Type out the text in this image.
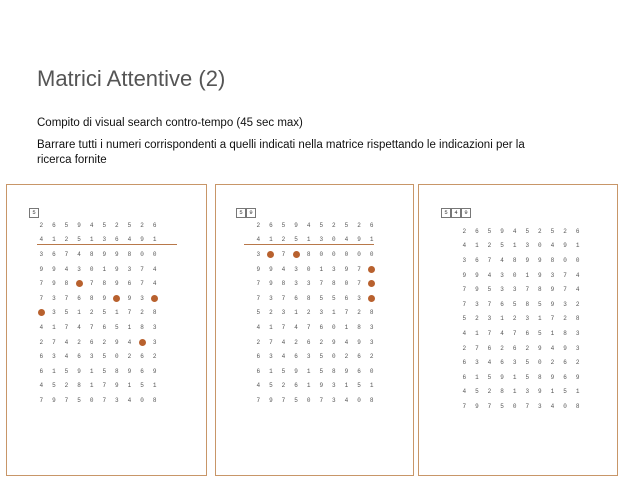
Matrici Attentive (2)
Compito di visual search contro-tempo (45 sec max)
Barrare tutti i numeri corrispondenti a quelli indicati nella matrice rispettando le indicazioni per la ricerca fornite
5
2	6	5	9	4	5	2	5	2	6
4	1	2	5	1	3	6	4	9	1
3	6	7	4	8	9	9	8	0	0
9	9	4	3	0	1	9	3	7	4
7	9	8	7	8	9	6	7	4
7	3	7	6	8	9	9	3
3	5	1	2	5	1	7	2	8
4	1	7	4	7	6	5	1	8	3
2	7	4	2	6	2	9	4	3
6	3	4	6	3	5	0	2	6	2
6	1	5	9	1	5	8	9	6	9
4	5	2	8	1	7	9	1	5	1
7	9	7	5	0	7	3	4	0	8
5	9
2	6	5	9	4	5	2	5	2	6
4	1	2	5	1	3	0	4	9	1
3	7	8	0	0	0	0	0
9	9	4	3	0	1	3	9	7
7	9	8	3	3	7	8	0	7
7	3	7	6	8	5	5	6	3
5	2	3	1	2	3	1	7	2	8
4	1	7	4	7	6	0	1	8	3
2	7	4	2	6	2	9	4	9	3
6	3	4	6	3	5	0	2	6	2
6	1	5	9	1	5	8	9	6	0
4	5	2	6	1	9	3	1	5	1
7	9	7	5	0	7	3	4	0	8
5	4	9
2	6	5	9	4	5	2	5	2	6
4	1	2	5	1	3	0	4	9	1
3	6	7	4	8	9	9	8	0	0
9	9	4	3	0	1	9	3	7	4
7	9	5	3	3	7	8	9	7	4
7	3	7	6	5	8	5	9	3	2
5	2	3	1	2	3	1	7	2	8
4	1	7	4	7	6	5	1	8	3
2	7	6	2	6	2	9	4	9	3
6	3	4	6	3	5	0	2	6	2
6	1	5	9	1	5	8	9	6	9
4	5	2	8	1	3	9	1	5	1
7	9	7	5	0	7	3	4	0	8
